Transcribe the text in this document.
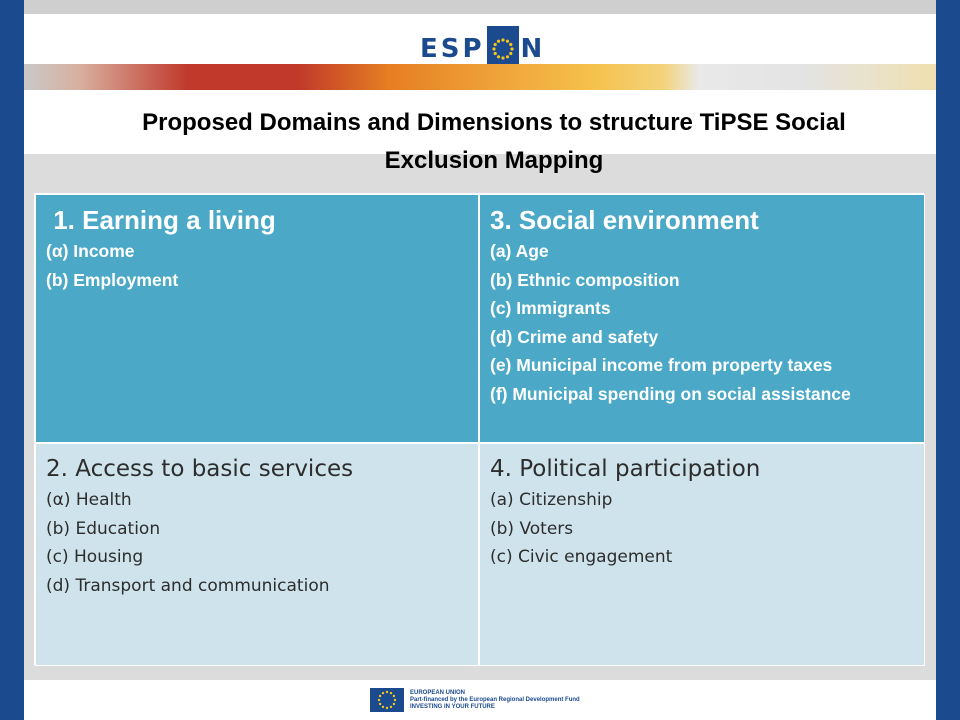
ESP N
Proposed Domains and Dimensions to structure TiPSE Social
Exclusion Mapping
1. Earning a living
(α) Income
(b) Employment
3. Social environment
(a) Age
(b) Ethnic composition
(c) Immigrants
(d) Crime and safety
(e) Municipal income from property taxes
(f) Municipal spending on social assistance
2. Access to basic services
(α) Health
(b) Education
(c) Housing
(d) Transport and communication
4. Political participation
(a) Citizenship
(b) Voters
(c) Civic engagement
EUROPEAN UNION
Part-financed by the European Regional Development Fund
INVESTING IN YOUR FUTURE
